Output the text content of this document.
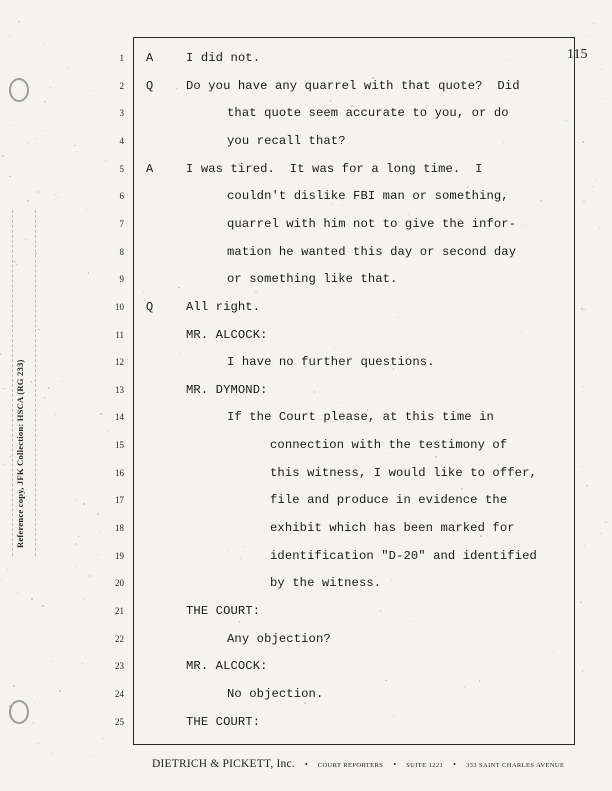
Reference copy, JFK Collection: HSCA (RG 233)
115
1 A	I did not.
2 Q	Do you have any quarrel with that quote?  Did
3	that quote seem accurate to you, or do
4	you recall that?
5 A	I was tired.  It was for a long time.  I
6	couldn't dislike FBI man or something,
7	quarrel with him not to give the infor-
8	mation he wanted this day or second day
9	or something like that.
10 Q	All right.
11	MR. ALCOCK:
12	I have no further questions.
13	MR. DYMOND:
14	If the Court please, at this time in
15	connection with the testimony of
16	this witness, I would like to offer,
17	file and produce in evidence the
18	exhibit which has been marked for
19	identification "D-20" and identified
20	by the witness.
21	THE COURT:
22	Any objection?
23	MR. ALCOCK:
24	No objection.
25	THE COURT:
DIETRICH & PICKETT, Inc. • COURT REPORTERS • SUITE 1221 • 333 SAINT CHARLES AVENUE
